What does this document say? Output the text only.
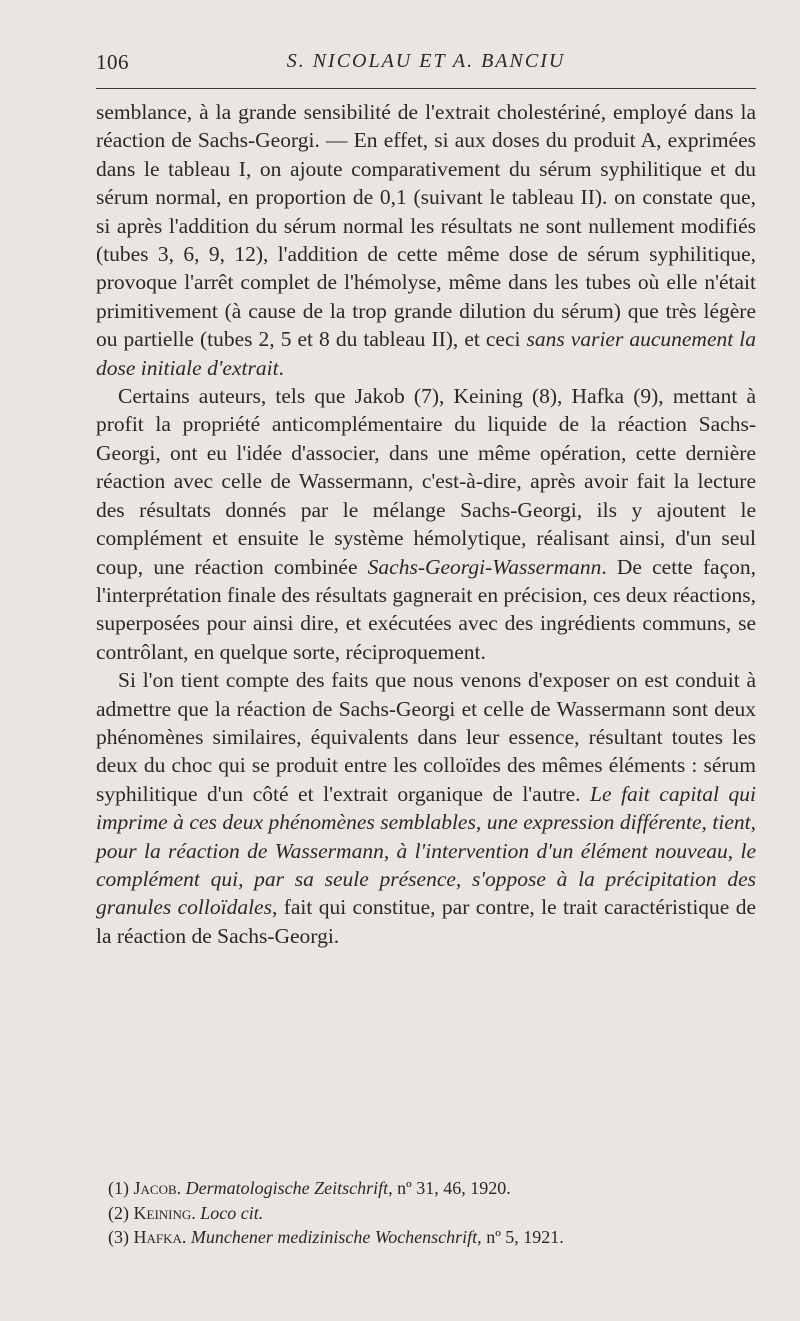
106	S. NICOLAU ET A. BANCIU

semblance, à la grande sensibilité de l'extrait cholestériné, employé dans la réaction de Sachs-Georgi. — En effet, si aux doses du produit A, exprimées dans le tableau I, on ajoute comparativement du sérum syphilitique et du sérum normal, en proportion de 0,1 (suivant le tableau II). on constate que, si après l'addition du sérum normal les résultats ne sont nullement modifiés (tubes 3, 6, 9, 12), l'addition de cette même dose de sérum syphilitique, provoque l'arrêt complet de l'hémolyse, même dans les tubes où elle n'était primitivement (à cause de la trop grande dilution du sérum) que très légère ou partielle (tubes 2, 5 et 8 du tableau II), et ceci sans varier aucunement la dose initiale d'extrait.

Certains auteurs, tels que Jakob (7), Keining (8), Hafka (9), mettant à profit la propriété anticomplémentaire du liquide de la réaction Sachs-Georgi, ont eu l'idée d'associer, dans une même opération, cette dernière réaction avec celle de Wassermann, c'est-à-dire, après avoir fait la lecture des résultats donnés par le mélange Sachs-Georgi, ils y ajoutent le complément et ensuite le système hémolytique, réalisant ainsi, d'un seul coup, une réaction combinée Sachs-Georgi-Wassermann. De cette façon, l'interprétation finale des résultats gagnerait en précision, ces deux réactions, superposées pour ainsi dire, et exécutées avec des ingrédients communs, se contrôlant, en quelque sorte, réciproquement.

Si l'on tient compte des faits que nous venons d'exposer on est conduit à admettre que la réaction de Sachs-Georgi et celle de Wassermann sont deux phénomènes similaires, équivalents dans leur essence, résultant toutes les deux du choc qui se produit entre les colloïdes des mêmes éléments : sérum syphilitique d'un côté et l'extrait organique de l'autre. Le fait capital qui imprime à ces deux phénomènes semblables, une expression différente, tient, pour la réaction de Wassermann, à l'intervention d'un élément nouveau, le complément qui, par sa seule présence, s'oppose à la précipitation des granules colloïdales, fait qui constitue, par contre, le trait caractéristique de la réaction de Sachs-Georgi.

(1) Jacob. Dermatologische Zeitschrift, nº 31, 46, 1920.
(2) Keining. Loco cit.
(3) Hafka. Munchener medizinische Wochenschrift, nº 5, 1921.
